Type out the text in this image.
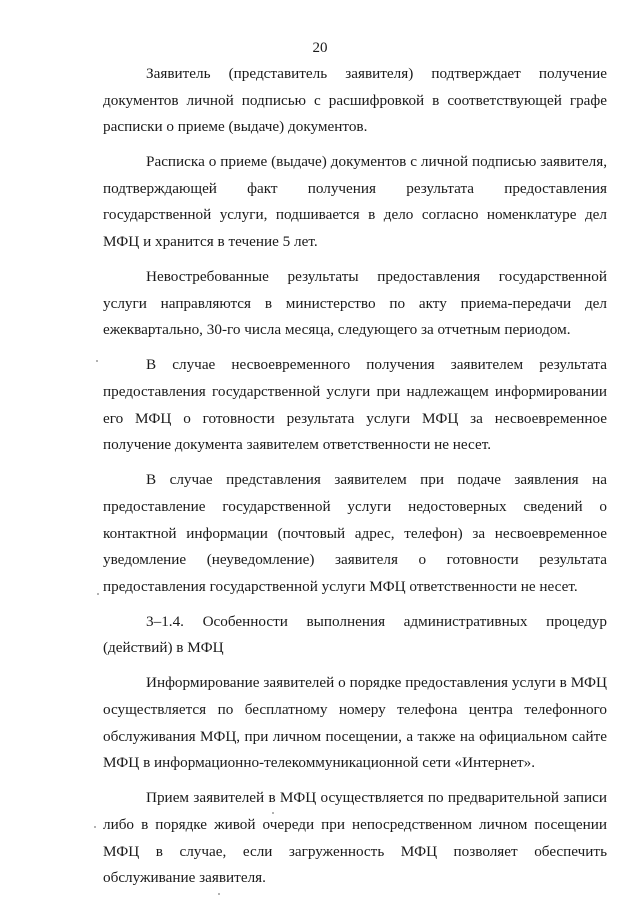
20

Заявитель (представитель заявителя) подтверждает получение документов личной подписью с расшифровкой в соответствующей графе расписки о приеме (выдаче) документов.

Расписка о приеме (выдаче) документов с личной подписью заявителя, подтверждающей факт получения результата предоставления государственной услуги, подшивается в дело согласно номенклатуре дел МФЦ и хранится в течение 5 лет.

Невостребованные результаты предоставления государственной услуги направляются в министерство по акту приема-передачи дел ежеквартально, 30-го числа месяца, следующего за отчетным периодом.

В случае несвоевременного получения заявителем результата предоставления государственной услуги при надлежащем информировании его МФЦ о готовности результата услуги МФЦ за несвоевременное получение документа заявителем ответственности не несет.

В случае представления заявителем при подаче заявления на предоставление государственной услуги недостоверных сведений о контактной информации (почтовый адрес, телефон) за несвоевременное уведомление (неуведомление) заявителя о готовности результата предоставления государственной услуги МФЦ ответственности не несет.

3–1.4. Особенности выполнения административных процедур (действий) в МФЦ

Информирование заявителей о порядке предоставления услуги в МФЦ осуществляется по бесплатному номеру телефона центра телефонного обслуживания МФЦ, при личном посещении, а также на официальном сайте МФЦ в информационно-телекоммуникационной сети «Интернет».

Прием заявителей в МФЦ осуществляется по предварительной записи либо в порядке живой очереди при непосредственном личном посещении МФЦ в случае, если загруженность МФЦ позволяет обеспечить обслуживание заявителя.
